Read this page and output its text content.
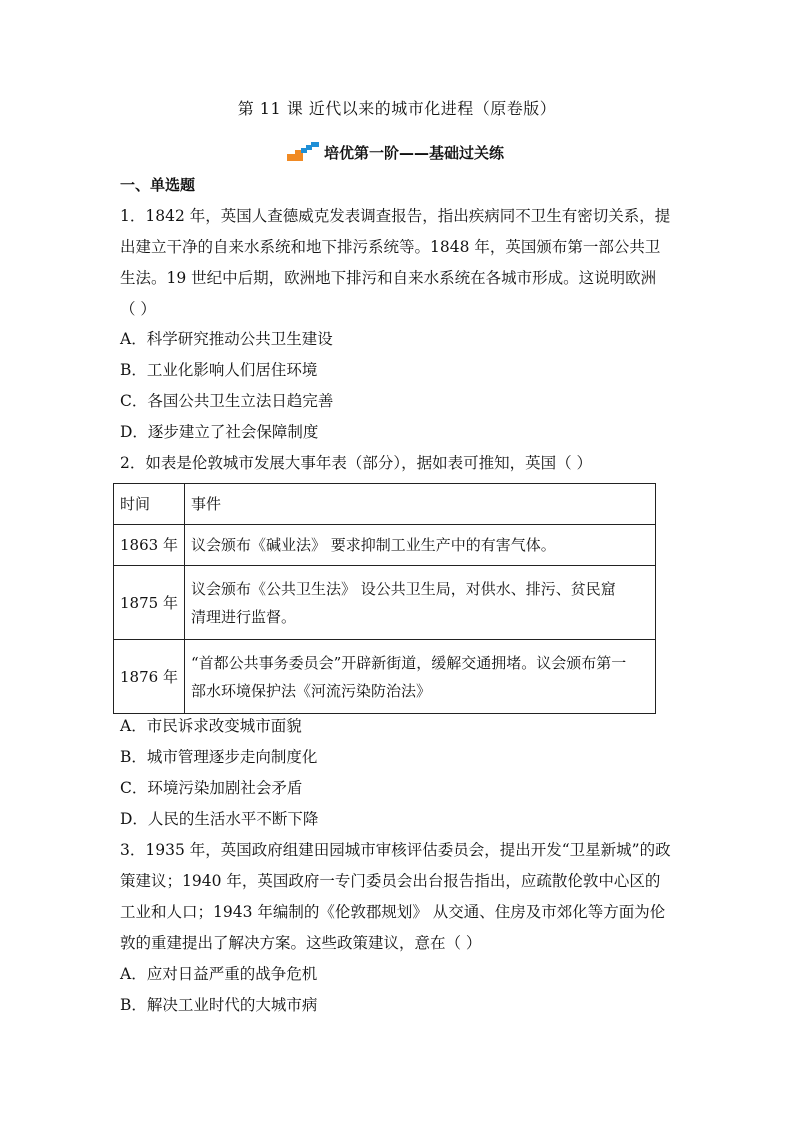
第 11 课 近代以来的城市化进程（原卷版）
培优第一阶——基础过关练
一、单选题
1．1842 年，英国人查德威克发表调查报告，指出疾病同不卫生有密切关系，提
出建立干净的自来水系统和地下排污系统等。1848 年，英国颁布第一部公共卫
生法。19 世纪中后期，欧洲地下排污和自来水系统在各城市形成。这说明欧洲
（ ）
A．科学研究推动公共卫生建设
B．工业化影响人们居住环境
C．各国公共卫生立法日趋完善
D．逐步建立了社会保障制度
2．如表是伦敦城市发展大事年表（部分），据如表可推知，英国（ ）
时间	事件
1863 年	议会颁布《碱业法》 要求抑制工业生产中的有害气体。

1875 年	议会颁布《公共卫生法》 设公共卫生局，对供水、排污、贫民窟
清理进行监督。

1876 年	“首都公共事务委员会”开辟新街道，缓解交通拥堵。议会颁布第一
部水环境保护法《河流污染防治法》
A．市民诉求改变城市面貌
B．城市管理逐步走向制度化
C．环境污染加剧社会矛盾
D．人民的生活水平不断下降
3．1935 年，英国政府组建田园城市审核评估委员会，提出开发“卫星新城”的政
策建议；1940 年，英国政府一专门委员会出台报告指出，应疏散伦敦中心区的
工业和人口；1943 年编制的《伦敦郡规划》 从交通、住房及市郊化等方面为伦
敦的重建提出了解决方案。这些政策建议，意在（ ）
A．应对日益严重的战争危机
B．解决工业时代的大城市病
